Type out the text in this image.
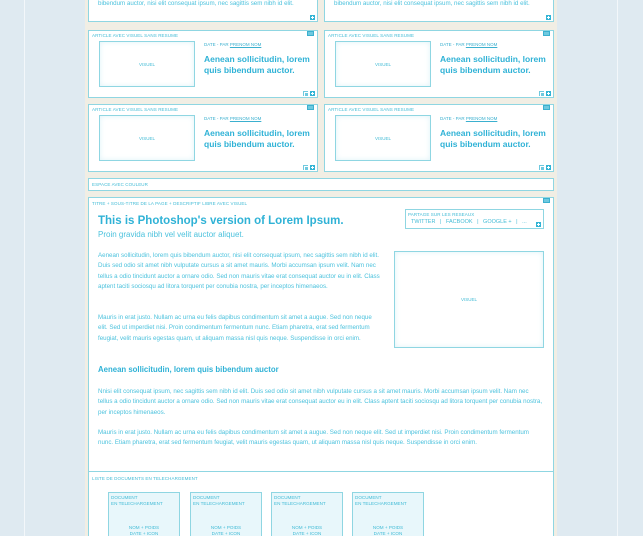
bibendum auctor, nisi elit consequat ipsum, nec sagittis sem nibh id elit.	bibendum auctor, nisi elit consequat ipsum, nec sagittis sem nibh id elit.
ARTICLE AVEC VISUEL SANS RESUME
VISUEL
DATE - PAR PRENOM NOM
Aenean sollicitudin, lorem quis bibendum auctor.
ARTICLE AVEC VISUEL SANS RESUME
VISUEL
DATE - PAR PRENOM NOM
Aenean sollicitudin, lorem quis bibendum auctor.
ARTICLE AVEC VISUEL SANS RESUME
VISUEL
DATE - PAR PRENOM NOM
Aenean sollicitudin, lorem quis bibendum auctor.
ARTICLE AVEC VISUEL SANS RESUME
VISUEL
DATE - PAR PRENOM NOM
Aenean sollicitudin, lorem quis bibendum auctor.
ESPACE AVEC COULEUR
TITRE + SOUS-TITRE DE LA PAGE + DESCRIPTIF LIBRE AVEC VISUEL
This is Photoshop's version of Lorem Ipsum.
Proin gravida nibh vel velit auctor aliquet.
PARTAGE SUR LES RESEAUX
TWITTER | FACBOOK | GOOGLE + | ...
VISUEL
Aenean sollicitudin, lorem quis bibendum auctor, nisi elit consequat ipsum, nec sagittis sem nibh id elit. Duis sed odio sit amet nibh vulputate cursus a sit amet mauris. Morbi accumsan ipsum velit. Nam nec tellus a odio tincidunt auctor a ornare odio. Sed non mauris vitae erat consequat auctor eu in elit. Class aptent taciti sociosqu ad litora torquent per conubia nostra, per inceptos himenaeos.
Mauris in erat justo. Nullam ac urna eu felis dapibus condimentum sit amet a augue. Sed non neque elit. Sed ut imperdiet nisi. Proin condimentum fermentum nunc. Etiam pharetra, erat sed fermentum feugiat, velit mauris egestas quam, ut aliquam massa nisl quis neque. Suspendisse in orci enim.
Aenean sollicitudin, lorem quis bibendum auctor
Nnisi elit consequat ipsum, nec sagittis sem nibh id elit. Duis sed odio sit amet nibh vulputate cursus a sit amet mauris. Morbi accumsan ipsum velit. Nam nec tellus a odio tincidunt auctor a ornare odio. Sed non mauris vitae erat consequat auctor eu in elit. Class aptent taciti sociosqu ad litora torquent per conubia nostra, per inceptos himenaeos.
Mauris in erat justo. Nullam ac urna eu felis dapibus condimentum sit amet a augue. Sed non neque elit. Sed ut imperdiet nisi. Proin condimentum fermentum nunc. Etiam pharetra, erat sed fermentum feugiat, velit mauris egestas quam, ut aliquam massa nisl quis neque. Suspendisse in orci enim.
LISTE DE DOCUMENTS EN TELECHARGEMENT
DOCUMENT
EN TELECHARGEMENT
NOM + POIDS
DATE + ICON
DOCUMENT
EN TELECHARGEMENT
NOM + POIDS
DATE + ICON
DOCUMENT
EN TELECHARGEMENT
NOM + POIDS
DATE + ICON
DOCUMENT
EN TELECHARGEMENT
NOM + POIDS
DATE + ICON
